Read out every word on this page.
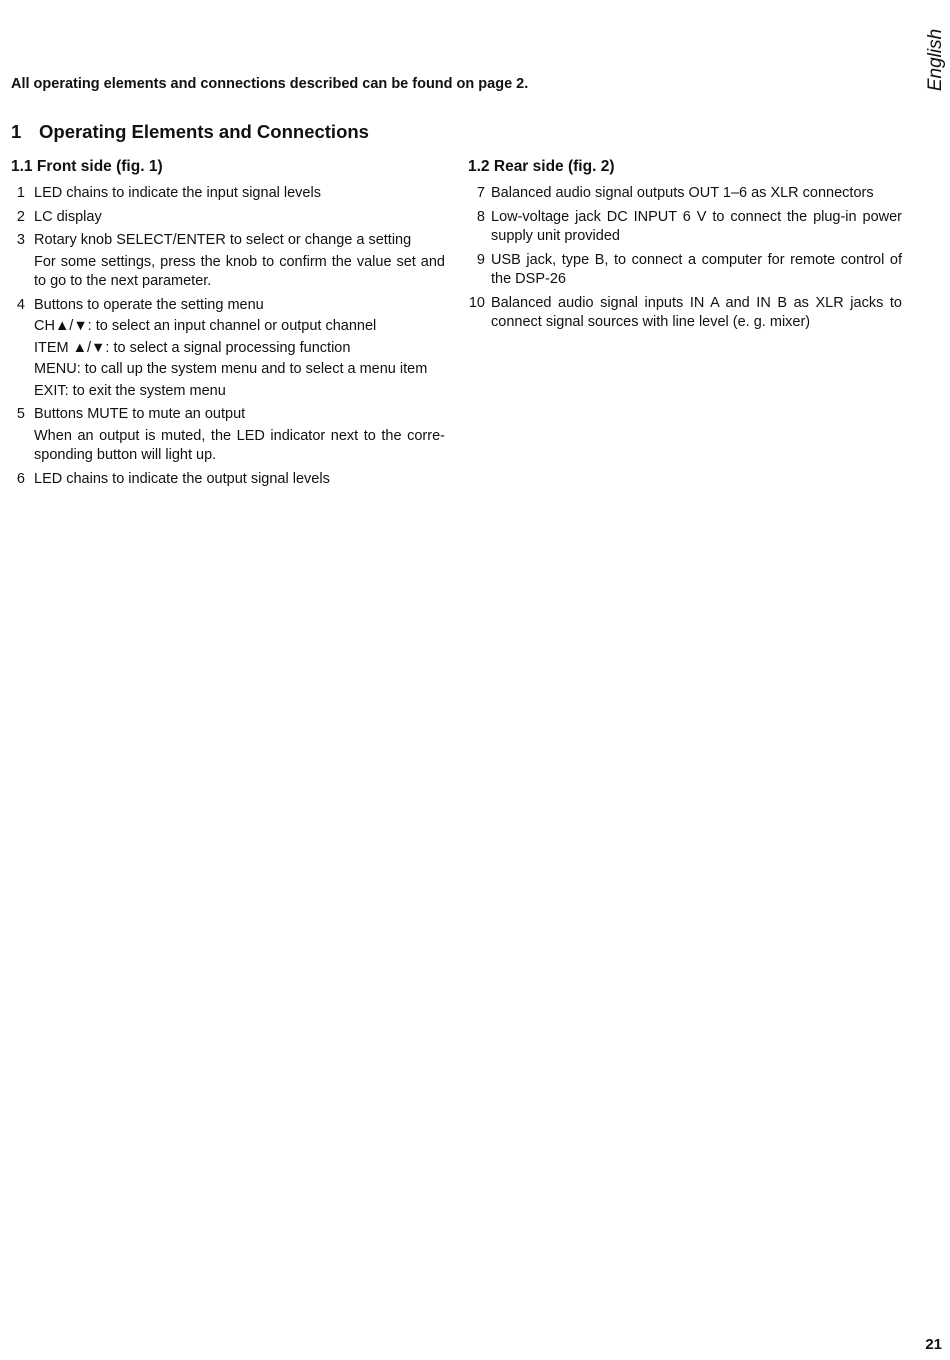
English

All operating elements and connections described can be found on page 2.

1 Operating Elements and Connections
1.1 Front side (fig. 1)
1 LED chains to indicate the input signal levels

2 LC display

3 Rotary knob SELECT/ENTER to select or change a setting

For some settings, press the knob to confirm the value set and to go to the next parameter.

4 Buttons to operate the setting menu

CH▲/▼: to select an input channel or output channel

ITEM ▲/▼: to select a signal processing function

MENU: to call up the system menu and to select a menu item

EXIT: to exit the system menu

5 Buttons MUTE to mute an output

When an output is muted, the LED indicator next to the corresponding button will light up.

6 LED chains to indicate the output signal levels

1.2 Rear side (fig. 2)
7 Balanced audio signal outputs OUT 1–6 as XLR connectors

8 Low-voltage jack DC INPUT 6 V to connect the plug-in power supply unit provided

9 USB jack, type B, to connect a computer for remote control of the DSP-26

10 Balanced audio signal inputs IN A and IN B as XLR jacks to connect signal sources with line level (e. g. mixer)

21
